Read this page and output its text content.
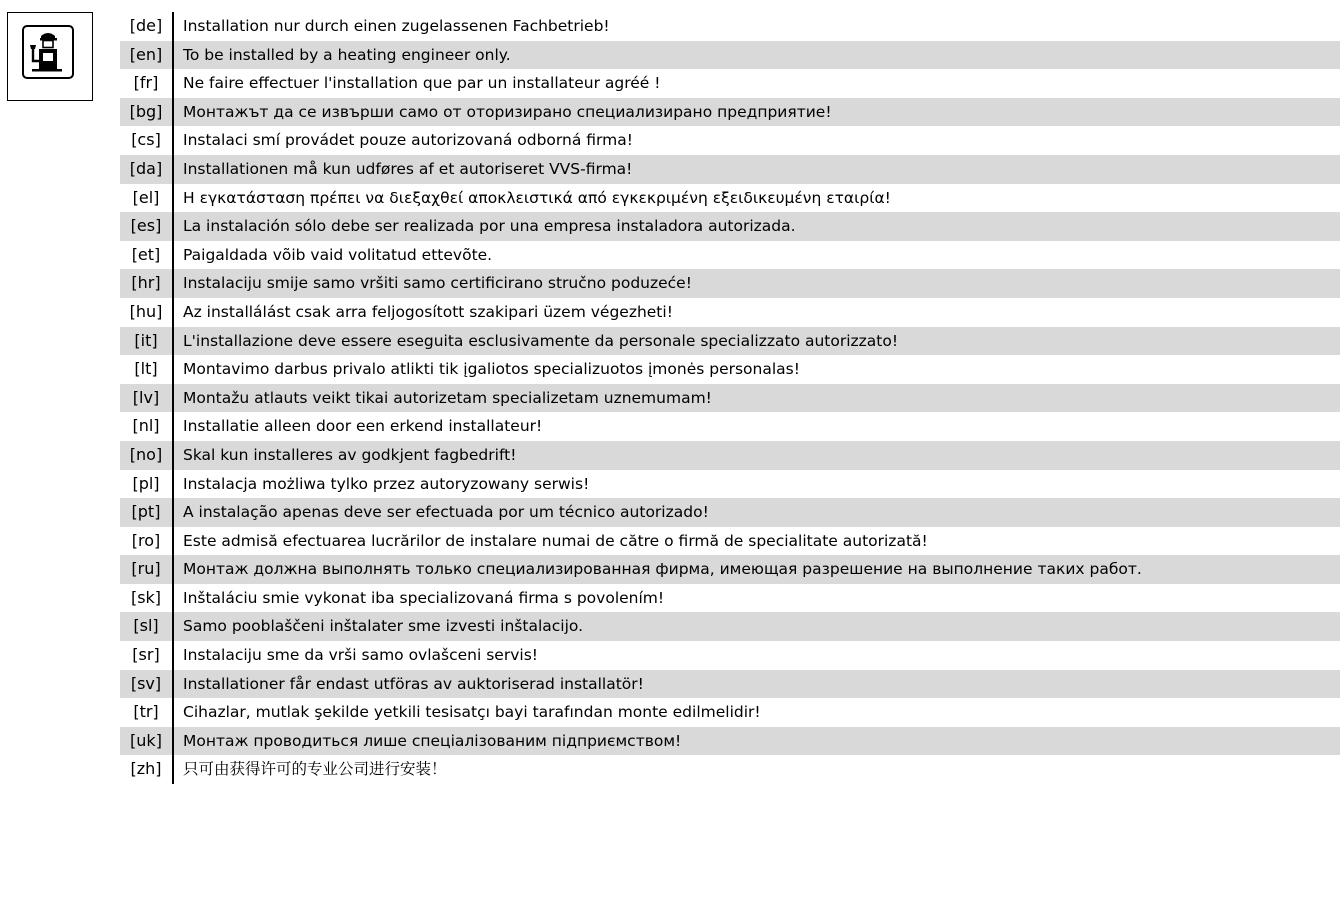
[de]	Installation nur durch einen zugelassenen Fachbetrieb!
[en]	To be installed by a heating engineer only.
[fr]	Ne faire effectuer l'installation que par un installateur agréé !
[bg]	Монтажът да се извърши само от оторизирано специализирано предприятие!
[cs]	Instalaci smí provádet pouze autorizovaná odborná firma!
[da]	Installationen må kun udføres af et autoriseret VVS-firma!
[el]	Η εγκατάσταση πρέπει να διεξαχθεί αποκλειστικά από εγκεκριμένη εξειδικευμένη εταιρία!
[es]	La instalación sólo debe ser realizada por una empresa instaladora autorizada.
[et]	Paigaldada võib vaid volitatud ettevõte.
[hr]	Instalaciju smije samo vršiti samo certificirano stručno poduzeće!
[hu]	Az installálást csak arra feljogosított szakipari üzem végezheti!
[it]	L'installazione deve essere eseguita esclusivamente da personale specializzato autorizzato!
[lt]	Montavimo darbus privalo atlikti tik įgaliotos specializuotos įmonės personalas!
[lv]	Montažu atlauts veikt tikai autorizetam specializetam uznemumam!
[nl]	Installatie alleen door een erkend installateur!
[no]	Skal kun installeres av godkjent fagbedrift!
[pl]	Instalacja możliwa tylko przez autoryzowany serwis!
[pt]	A instalação apenas deve ser efectuada por um técnico autorizado!
[ro]	Este admisă efectuarea lucrărilor de instalare numai de către o firmă de specialitate autorizată!
[ru]	Монтаж должна выполнять только специализированная фирма, имеющая разрешение на выполнение таких работ.
[sk]	Inštaláciu smie vykonat iba specializovaná firma s povolením!
[sl]	Samo pooblaščeni inštalater sme izvesti inštalacijo.
[sr]	Instalaciju sme da vrši samo ovlašceni servis!
[sv]	Installationer får endast utföras av auktoriserad installatör!
[tr]	Cihazlar, mutlak şekilde yetkili tesisatçı bayi tarafından monte edilmelidir!
[uk]	Монтаж проводиться лише спеціалізованим підприємством!
[zh]	只可由获得许可的专业公司进行安装！
